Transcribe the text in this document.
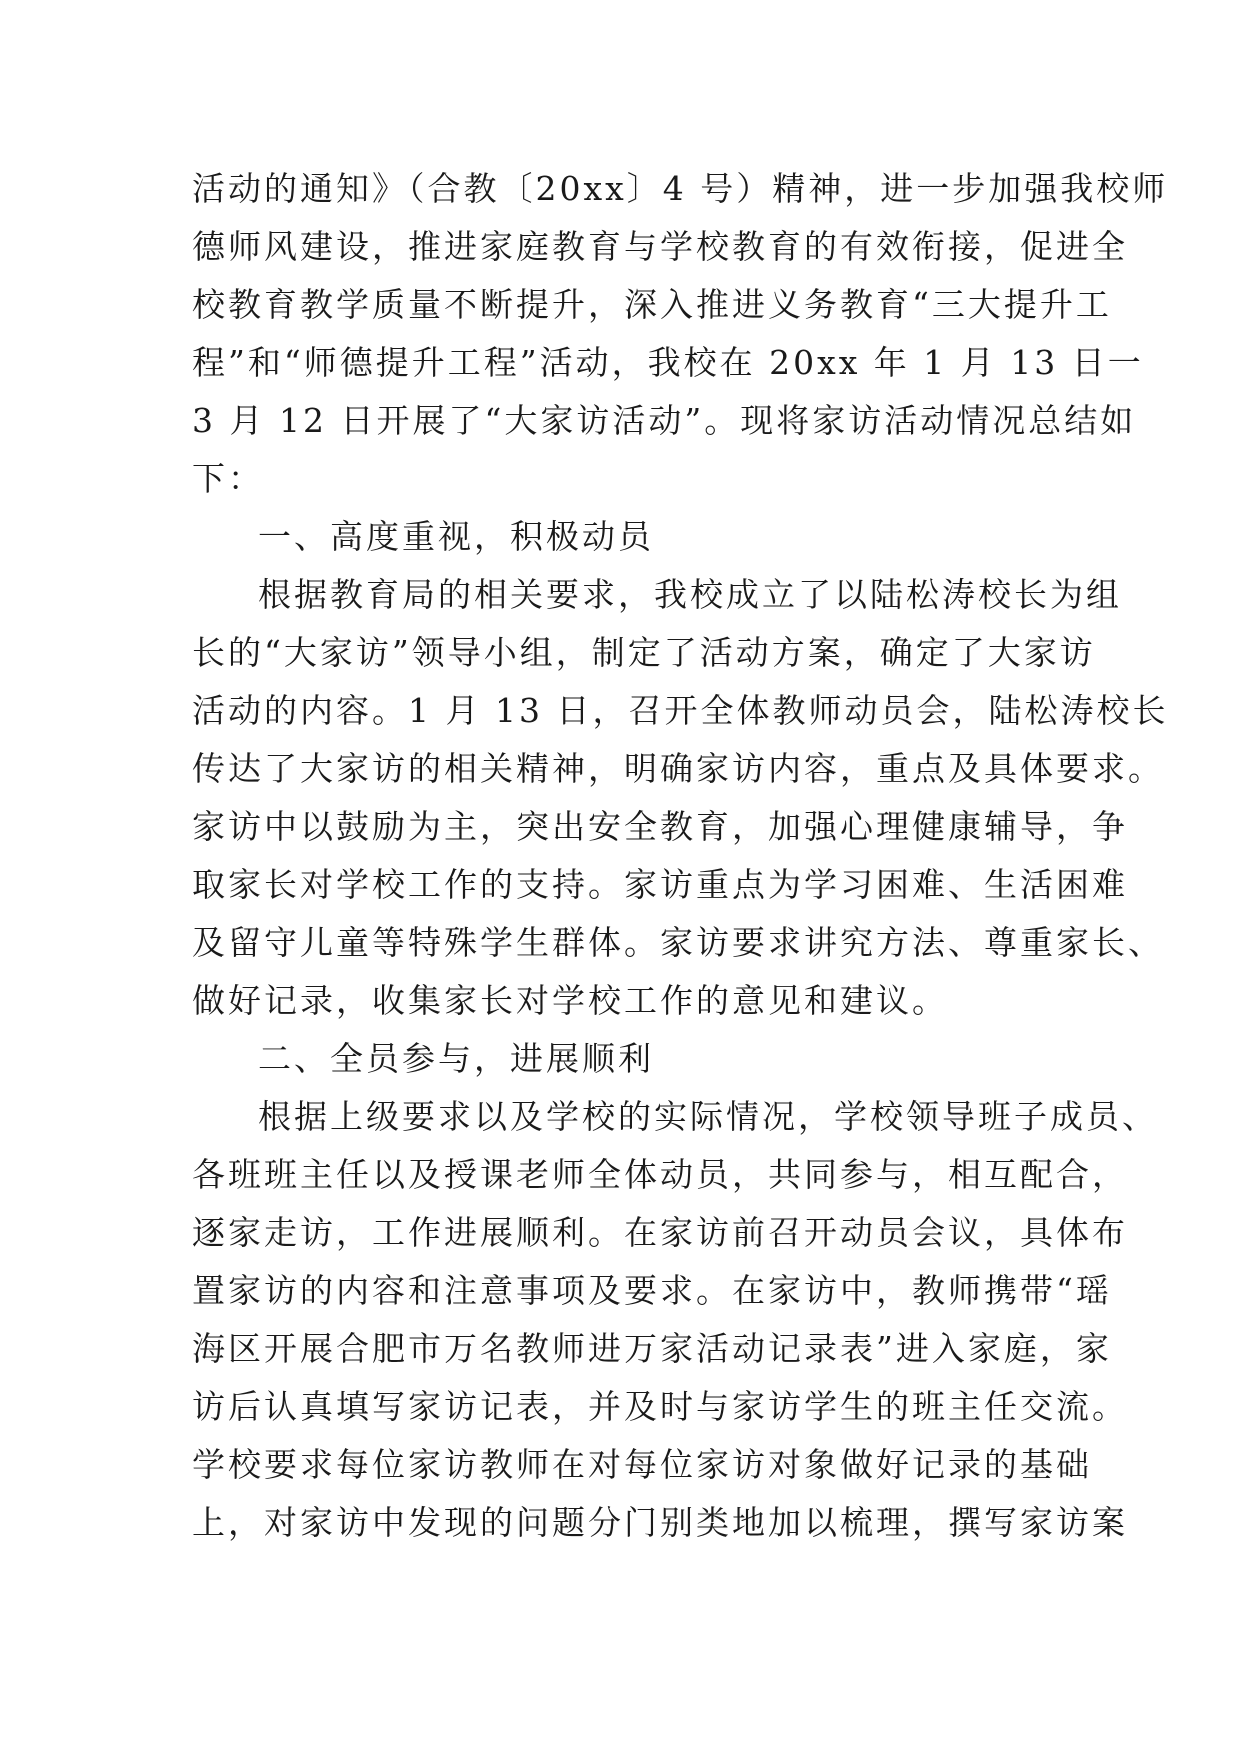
活动的通知》（合教〔20xx〕4 号）精神，进一步加强我校师
德师风建设，推进家庭教育与学校教育的有效衔接，促进全
校教育教学质量不断提升，深入推进义务教育“三大提升工
程”和“师德提升工程”活动，我校在 20xx 年 1 月 13 日一
3 月 12 日开展了“大家访活动”。现将家访活动情况总结如
下：
一、高度重视，积极动员
根据教育局的相关要求，我校成立了以陆松涛校长为组
长的“大家访”领导小组，制定了活动方案，确定了大家访
活动的内容。1 月 13 日，召开全体教师动员会，陆松涛校长
传达了大家访的相关精神，明确家访内容，重点及具体要求。
家访中以鼓励为主，突出安全教育，加强心理健康辅导，争
取家长对学校工作的支持。家访重点为学习困难、生活困难
及留守儿童等特殊学生群体。家访要求讲究方法、尊重家长、
做好记录，收集家长对学校工作的意见和建议。
二、全员参与，进展顺利
根据上级要求以及学校的实际情况，学校领导班子成员、
各班班主任以及授课老师全体动员，共同参与，相互配合，
逐家走访，工作进展顺利。在家访前召开动员会议，具体布
置家访的内容和注意事项及要求。在家访中，教师携带“瑶
海区开展合肥市万名教师进万家活动记录表”进入家庭，家
访后认真填写家访记表，并及时与家访学生的班主任交流。
学校要求每位家访教师在对每位家访对象做好记录的基础
上，对家访中发现的问题分门别类地加以梳理，撰写家访案
